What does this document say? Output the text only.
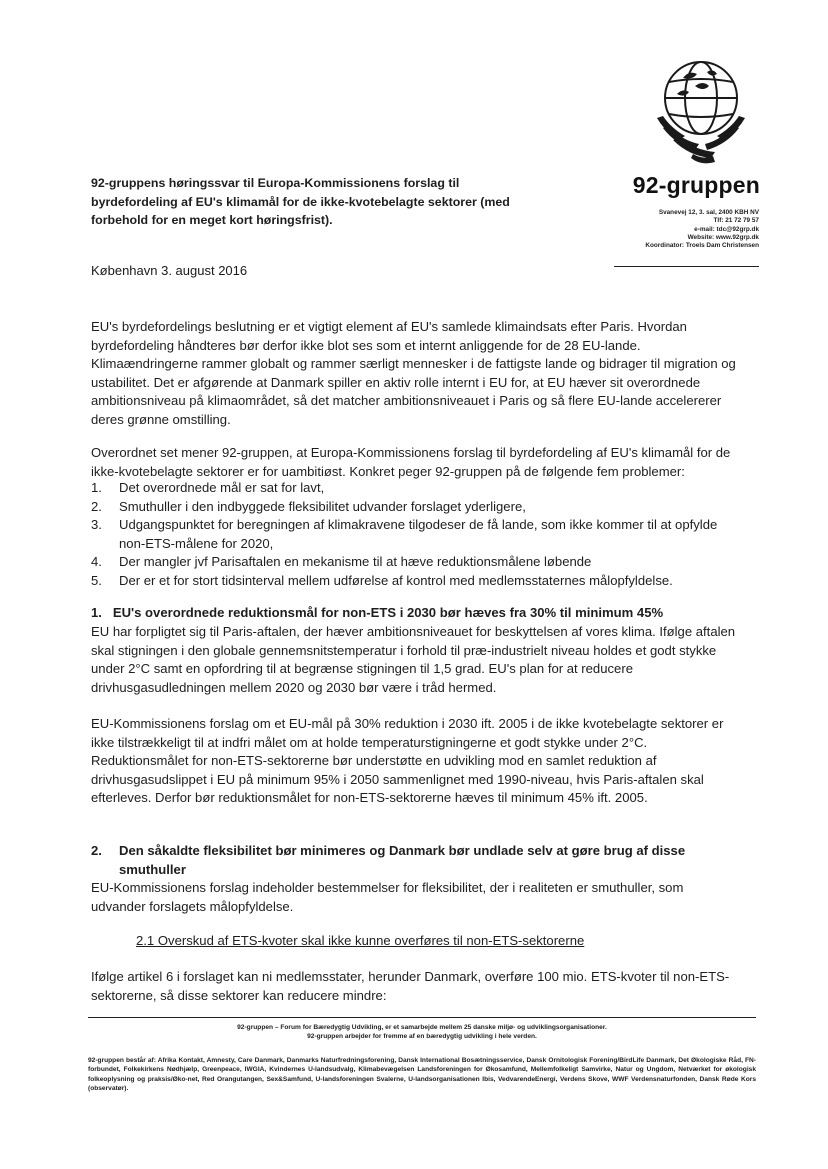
92-gruppen
Svanevej 12, 3. sal, 2400 KBH NV
Tlf: 21 72 79 57
e-mail: tdc@92grp.dk
Website: www.92grp.dk
Koordinator: Troels Dam Christensen
92-gruppens høringssvar til Europa-Kommissionens forslag til byrdefordeling af EU's klimamål for de ikke-kvotebelagte sektorer (med forbehold for en meget kort høringsfrist).
København 3. august 2016
EU's byrdefordelings beslutning er et vigtigt element af EU's samlede klimaindsats efter Paris. Hvordan byrdefordeling håndteres bør derfor ikke blot ses som et internt anliggende for de 28 EU-lande. Klimaændringerne rammer globalt og rammer særligt mennesker i de fattigste lande og bidrager til migration og ustabilitet. Det er afgørende at Danmark spiller en aktiv rolle internt i EU for, at EU hæver sit overordnede ambitionsniveau på klimaområdet, så det matcher ambitionsniveauet i Paris og så flere EU-lande accelererer deres grønne omstilling.
Overordnet set mener 92-gruppen, at Europa-Kommissionens forslag til byrdefordeling af EU's klimamål for de ikke-kvotebelagte sektorer er for uambitiøst. Konkret peger 92-gruppen på de følgende fem problemer:
1.	Det overordnede mål er sat for lavt,
2.	Smuthuller i den indbyggede fleksibilitet udvander forslaget yderligere,
3.	Udgangspunktet for beregningen af klimakravene tilgodeser de få lande, som ikke kommer til at opfylde non-ETS-målene for 2020,
4.	Der mangler jvf Parisaftalen en mekanisme til at hæve reduktionsmålene løbende
5.	Der er et for stort tidsinterval mellem udførelse af kontrol med medlemsstaternes målopfyldelse.
1.   EU's overordnede reduktionsmål for non-ETS i 2030 bør hæves fra 30% til minimum 45%
EU har forpligtet sig til Paris-aftalen, der hæver ambitionsniveauet for beskyttelsen af vores klima. Ifølge aftalen skal stigningen i den globale gennemsnitstemperatur i forhold til præ-industrielt niveau holdes et godt stykke under 2°C samt en opfordring til at begrænse stigningen til 1,5 grad. EU's plan for at reducere drivhusgasudledningen mellem 2020 og 2030 bør være i tråd hermed.
EU-Kommissionens forslag om et EU-mål på 30% reduktion i 2030 ift. 2005 i de ikke kvotebelagte sektorer er ikke tilstrækkeligt til at indfri målet om at holde temperaturstigningerne et godt stykke under 2°C. Reduktionsmålet for non-ETS-sektorerne bør understøtte en udvikling mod en samlet reduktion af drivhusgasudslippet i EU på minimum 95% i 2050 sammenlignet med 1990-niveau, hvis Paris-aftalen skal efterleves. Derfor bør reduktionsmålet for non-ETS-sektorerne hæves til minimum 45% ift. 2005.
2.	Den såkaldte fleksibilitet bør minimeres og Danmark bør undlade selv at gøre brug af disse smuthuller
EU-Kommissionens forslag indeholder bestemmelser for fleksibilitet, der i realiteten er smuthuller, som udvander forslagets målopfyldelse.
2.1 Overskud af ETS-kvoter skal ikke kunne overføres til non-ETS-sektorerne
Ifølge artikel 6 i forslaget kan ni medlemsstater, herunder Danmark, overføre 100 mio. ETS-kvoter til non-ETS-sektorerne, så disse sektorer kan reducere mindre:
92-gruppen – Forum for Bæredygtig Udvikling, er et samarbejde mellem 25 danske miljø- og udviklingsorganisationer.
92-gruppen arbejder for fremme af en bæredygtig udvikling i hele verden.
92-gruppen består af: Afrika Kontakt, Amnesty, Care Danmark, Danmarks Naturfredningsforening, Dansk International Bosætningsservice, Dansk Ornitologisk Forening/BirdLife Danmark, Det Økologiske Råd, FN-forbundet, Folkekirkens Nødhjælp, Greenpeace, IWGIA, Kvindernes U-landsudvalg, Klimabevægelsen Landsforeningen for Økosamfund, Mellemfolkeligt Samvirke, Natur og Ungdom, Netværket for økologisk folkeoplysning og praksis/Øko-net, Red Orangutangen, Sex&Samfund, U-landsforeningen Svalerne, U-landsorganisationen Ibis, VedvarendeEnergi, Verdens Skove, WWF Verdensnaturfonden, Dansk Røde Kors (observatør).
